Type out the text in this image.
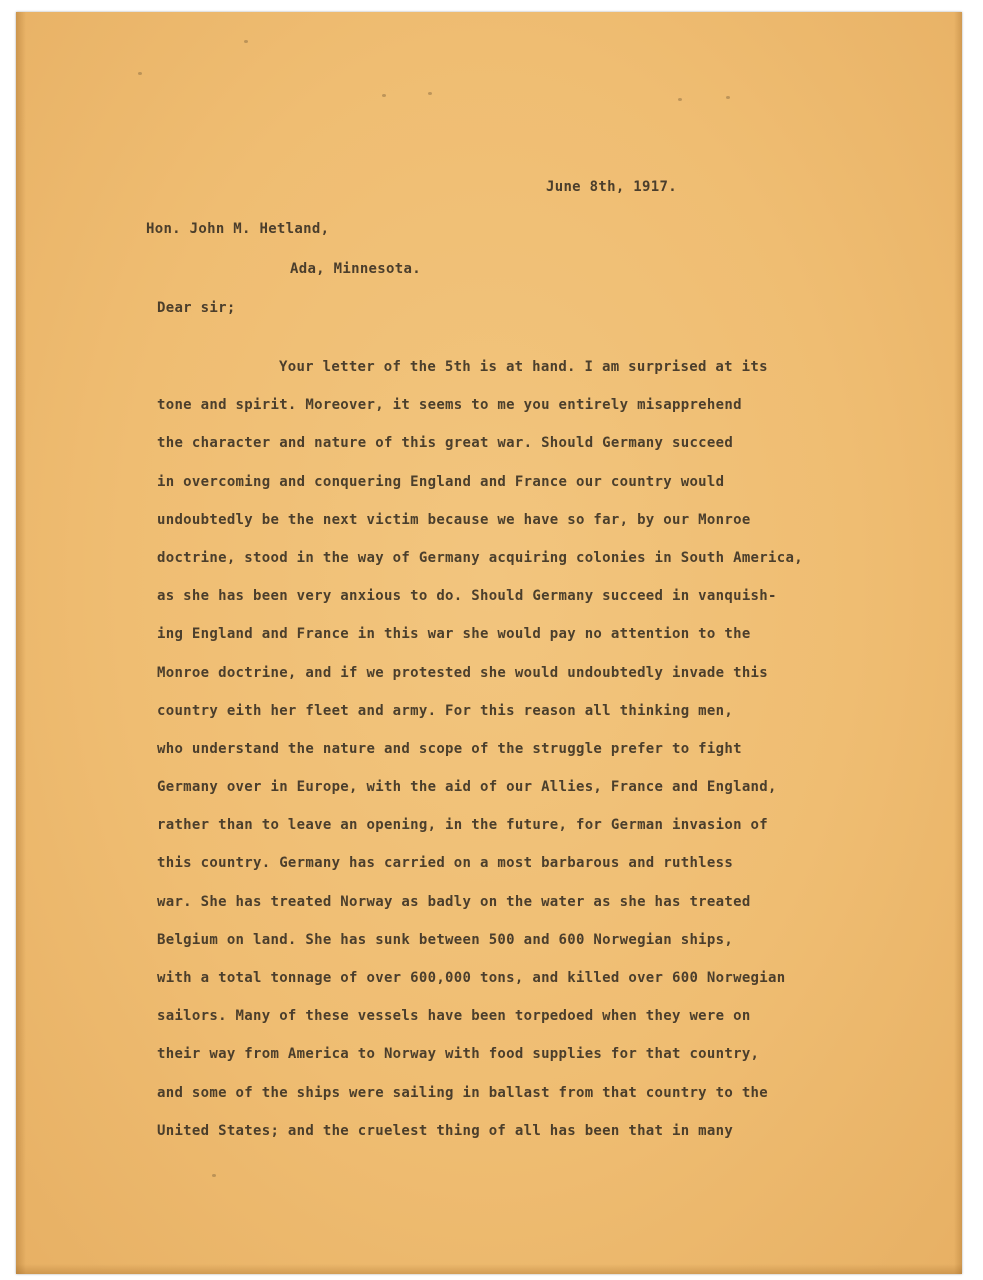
June 8th, 1917.

Hon. John M. Hetland,

Ada, Minnesota.

Dear sir;

Your letter of the 5th is at hand. I am surprised at its
tone and spirit. Moreover, it seems to me you entirely misapprehend
the character and nature of this great war. Should Germany succeed
in overcoming and conquering England and France our country would
undoubtedly be the next victim because we have so far, by our Monroe
doctrine, stood in the way of Germany acquiring colonies in South America,
as she has been very anxious to do. Should Germany succeed in vanquish-
ing England and France in this war she would pay no attention to the
Monroe doctrine, and if we protested she would undoubtedly invade this
country eith her fleet and army. For this reason all thinking men,
who understand the nature and scope of the struggle prefer to fight
Germany over in Europe, with the aid of our Allies, France and England,
rather than to leave an opening, in the future, for German invasion of
this country. Germany has carried on a most barbarous and ruthless
war. She has treated Norway as badly on the water as she has treated
Belgium on land. She has sunk between 500 and 600 Norwegian ships,
with a total tonnage of over 600,000 tons, and killed over 600 Norwegian
sailors. Many of these vessels have been torpedoed when they were on
their way from America to Norway with food supplies for that country,
and some of the ships were sailing in ballast from that country to the
United States; and the cruelest thing of all has been that in many
